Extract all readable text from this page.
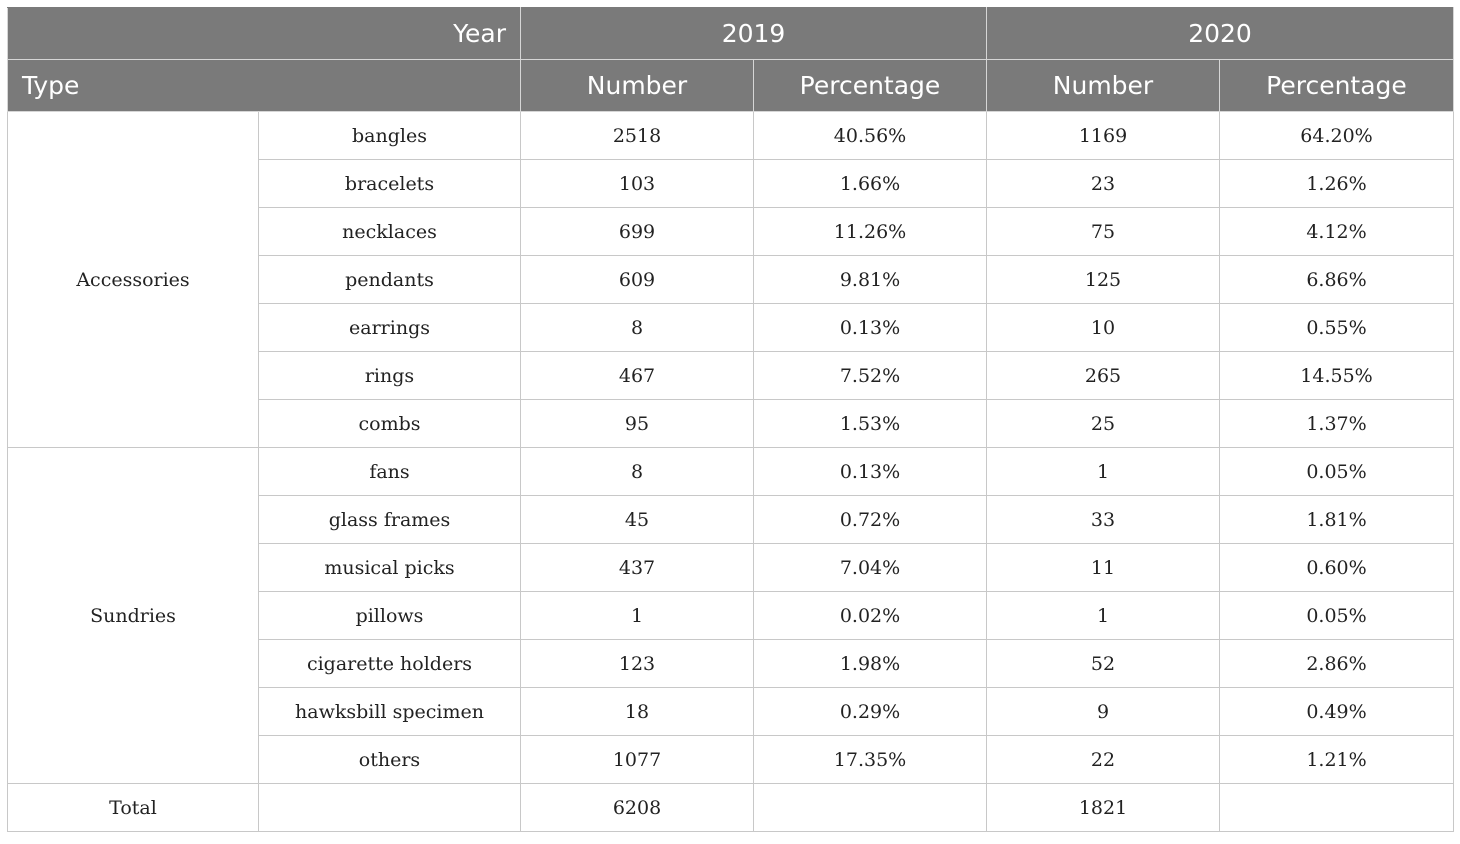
Year		2019		2020	
Type		Number	Percentage	Number	Percentage
Accessories	bangles	2518	40.56%	1169	64.20%
	bracelets	103	1.66%	23	1.26%
	necklaces	699	11.26%	75	4.12%
	pendants	609	9.81%	125	6.86%
	earrings	8	0.13%	10	0.55%
	rings	467	7.52%	265	14.55%
	combs	95	1.53%	25	1.37%
Sundries	fans	8	0.13%	1	0.05%
	glass frames	45	0.72%	33	1.81%
	musical picks	437	7.04%	11	0.60%
	pillows	1	0.02%	1	0.05%
	cigarette holders	123	1.98%	52	2.86%
	hawksbill specimen	18	0.29%	9	0.49%
	others	1077	17.35%	22	1.21%
Total		6208		1821	
